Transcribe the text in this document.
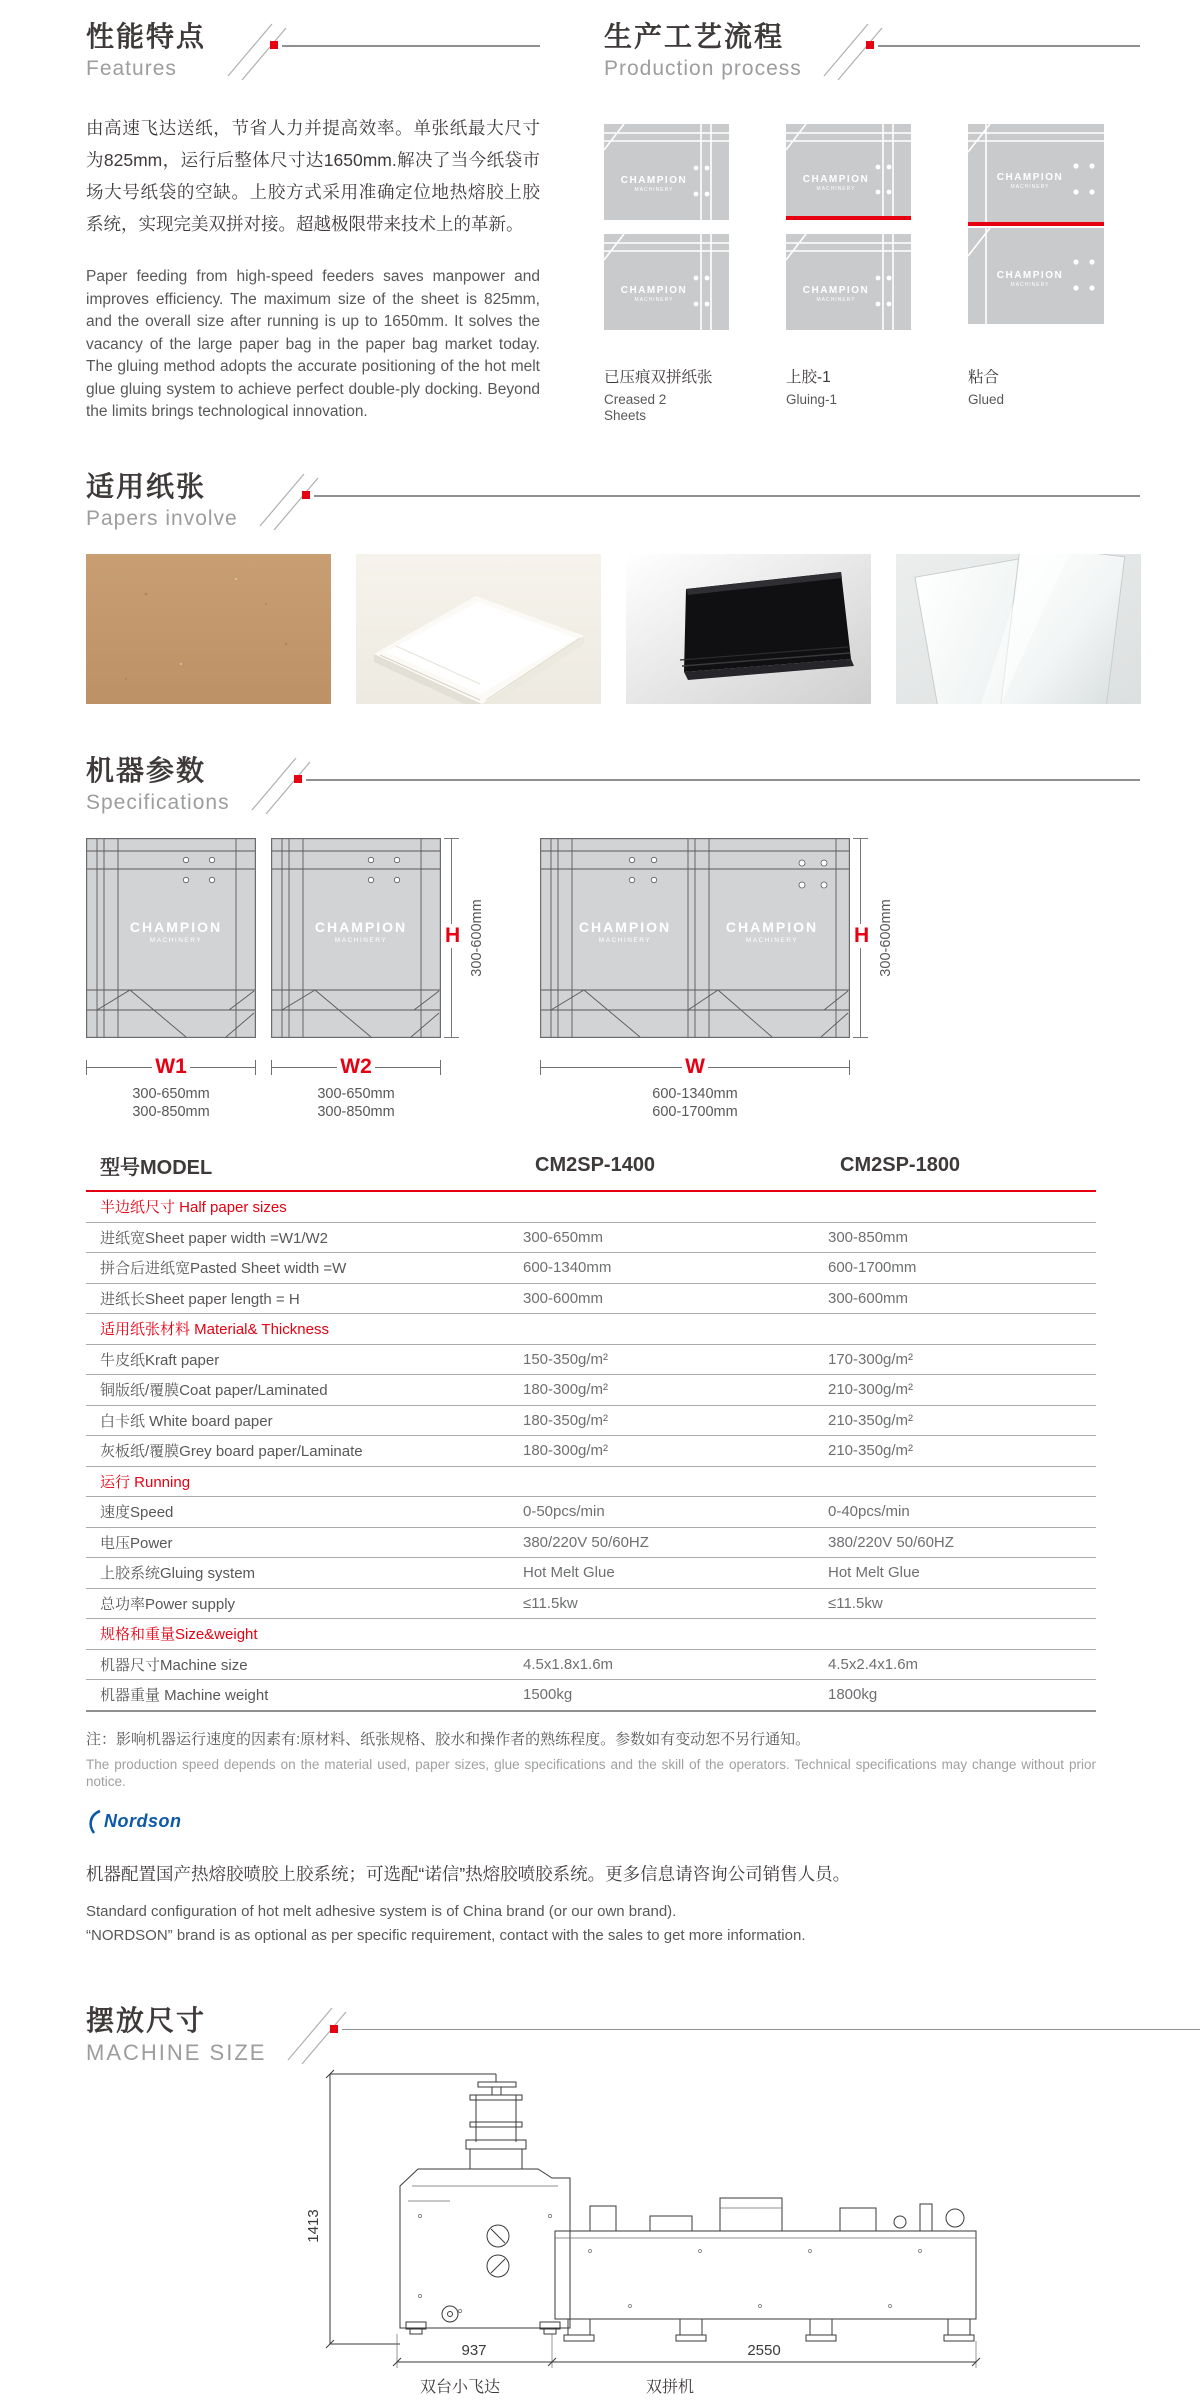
性能特点
Features

由高速飞达送纸，节省人力并提高效率。单张纸最大尺寸为825mm，运行后整体尺寸达1650mm.解决了当今纸袋市场大号纸袋的空缺。上胶方式采用准确定位地热熔胶上胶系统，实现完美双拼对接。超越极限带来技术上的革新。

Paper feeding from high-speed feeders saves manpower and improves efficiency. The maximum size of the sheet is 825mm, and the overall size after running is up to 1650mm. It solves the vacancy of the large paper bag in the paper bag market today. The gluing method adopts the accurate positioning of the hot melt glue gluing system to achieve perfect double-ply docking. Beyond the limits brings technological innovation.

生产工艺流程
Production process
CHAMPION
MACHINERY
CHAMPION
MACHINERY
已压痕双拼纸张
Creased 2 Sheets
CHAMPION
MACHINERY
CHAMPION
MACHINERY
上胶-1
Gluing-1
CHAMPION
MACHINERY
CHAMPION
MACHINERY
粘合
Glued
适用纸张
Papers involve
机器参数
Specifications
CHAMPION
MACHINERY
W1
300-650mm
300-850mm
CHAMPION
MACHINERY
W2
300-650mm
300-850mm
H 300-600mm	CHAMPION
MACHINERY
CHAMPION
MACHINERY
W
600-1340mm
600-1700mm
H 300-600mm
型号MODEL	CM2SP-1400	CM2SP-1800
半边纸尺寸 Half paper sizes		
进纸宽Sheet paper width =W1/W2	300-650mm	300-850mm
拼合后进纸宽Pasted Sheet width =W	600-1340mm	600-1700mm
进纸长Sheet paper length = H	300-600mm	300-600mm
适用纸张材料 Material& Thickness		
牛皮纸Kraft paper	150-350g/m²	170-300g/m²
铜版纸/覆膜Coat paper/Laminated	180-300g/m²	210-300g/m²
白卡纸 White board paper	180-350g/m²	210-350g/m²
灰板纸/覆膜Grey board paper/Laminate	180-300g/m²	210-350g/m²
运行 Running		
速度Speed	0-50pcs/min	0-40pcs/min
电压Power	380/220V 50/60HZ	380/220V 50/60HZ
上胶系统Gluing system	Hot Melt Glue	Hot Melt Glue
总功率Power supply	≤11.5kw	≤11.5kw
规格和重量Size&weight		
机器尺寸Machine size	4.5x1.8x1.6m	4.5x2.4x1.6m
机器重量 Machine weight	1500kg	1800kg
注：影响机器运行速度的因素有:原材料、纸张规格、胶水和操作者的熟练程度。参数如有变动恕不另行通知。
The production speed depends on the material used, paper sizes, glue specifications and the skill of the operators. Technical specifications may change without prior notice.
Nordson
机器配置国产热熔胶喷胶上胶系统；可选配“诺信”热熔胶喷胶系统。更多信息请咨询公司销售人员。
Standard configuration of hot melt adhesive system is of China brand (or our own brand).
“NORDSON” brand is as optional as per specific requirement, contact with the sales to get more information.
摆放尺寸
MACHINE SIZE
1413
937	2550
双台小飞达	双拼机
